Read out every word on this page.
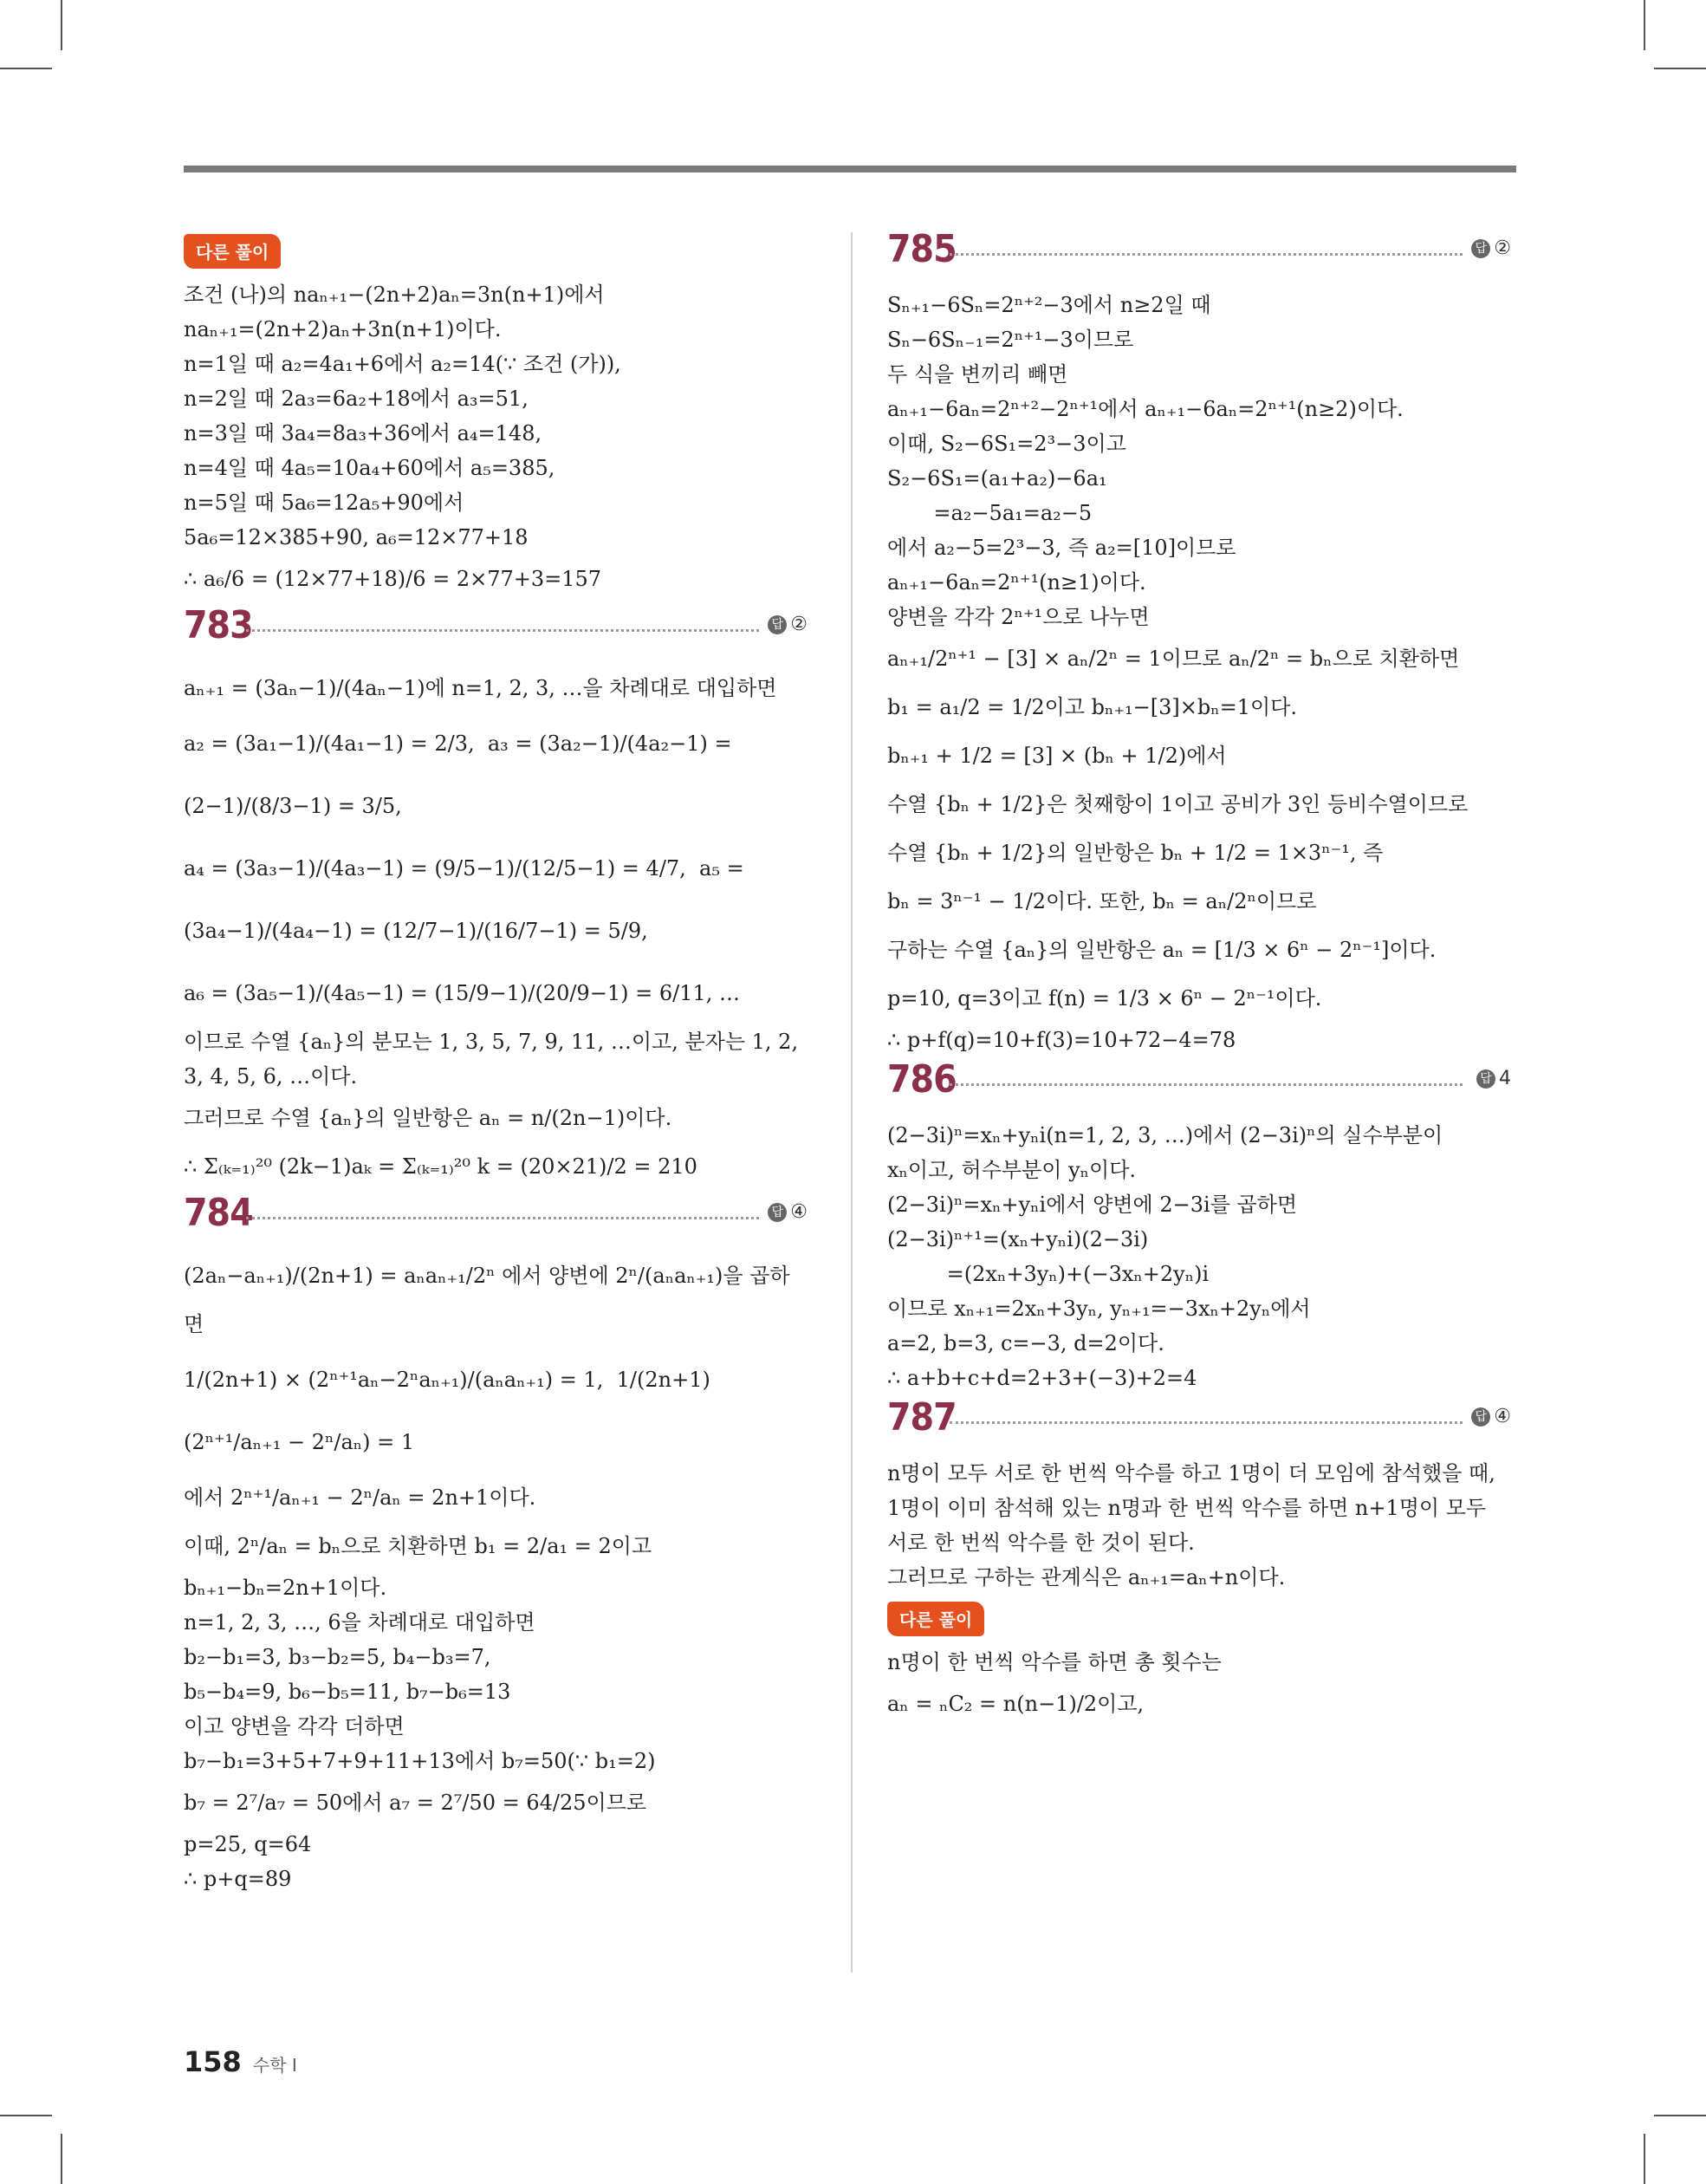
다른 풀이
조건 (나)의 naₙ₊₁−(2n+2)aₙ=3n(n+1)에서
naₙ₊₁=(2n+2)aₙ+3n(n+1)이다.
n=1일 때 a₂=4a₁+6에서 a₂=14(∵ 조건 (가)),
n=2일 때 2a₃=6a₂+18에서 a₃=51,
n=3일 때 3a₄=8a₃+36에서 a₄=148,
n=4일 때 4a₅=10a₄+60에서 a₅=385,
n=5일 때 5a₆=12a₅+90에서
5a₆=12×385+90, a₆=12×77+18
∴ a₆/6 = (12×77+18)/6 = 2×77+3=157
783	답 ②
aₙ₊₁ = (3aₙ−1)/(4aₙ−1)에 n=1, 2, 3, …을 차례대로 대입하면
a₂ = (3a₁−1)/(4a₁−1) = 2/3,  a₃ = (3a₂−1)/(4a₂−1) = (2−1)/(8/3−1) = 3/5,
a₄ = (3a₃−1)/(4a₃−1) = (9/5−1)/(12/5−1) = 4/7,  a₅ = (3a₄−1)/(4a₄−1) = (12/7−1)/(16/7−1) = 5/9,
a₆ = (3a₅−1)/(4a₅−1) = (15/9−1)/(20/9−1) = 6/11, …
이므로 수열 {aₙ}의 분모는 1, 3, 5, 7, 9, 11, …이고, 분자는 1, 2,
3, 4, 5, 6, …이다.
그러므로 수열 {aₙ}의 일반항은 aₙ = n/(2n−1)이다.
∴ Σ₍ₖ₌₁₎²⁰ (2k−1)aₖ = Σ₍ₖ₌₁₎²⁰ k = (20×21)/2 = 210
784	답 ④
(2aₙ−aₙ₊₁)/(2n+1) = aₙaₙ₊₁/2ⁿ 에서 양변에 2ⁿ/(aₙaₙ₊₁)을 곱하면
1/(2n+1) × (2ⁿ⁺¹aₙ−2ⁿaₙ₊₁)/(aₙaₙ₊₁) = 1,  1/(2n+1) (2ⁿ⁺¹/aₙ₊₁ − 2ⁿ/aₙ) = 1
에서 2ⁿ⁺¹/aₙ₊₁ − 2ⁿ/aₙ = 2n+1이다.
이때, 2ⁿ/aₙ = bₙ으로 치환하면 b₁ = 2/a₁ = 2이고
bₙ₊₁−bₙ=2n+1이다.
n=1, 2, 3, …, 6을 차례대로 대입하면
b₂−b₁=3, b₃−b₂=5, b₄−b₃=7,
b₅−b₄=9, b₆−b₅=11, b₇−b₆=13
이고 양변을 각각 더하면
b₇−b₁=3+5+7+9+11+13에서 b₇=50(∵ b₁=2)
b₇ = 2⁷/a₇ = 50에서 a₇ = 2⁷/50 = 64/25이므로
p=25, q=64
∴ p+q=89
785	답 ②
Sₙ₊₁−6Sₙ=2ⁿ⁺²−3에서 n≥2일 때
Sₙ−6Sₙ₋₁=2ⁿ⁺¹−3이므로
두 식을 변끼리 빼면
aₙ₊₁−6aₙ=2ⁿ⁺²−2ⁿ⁺¹에서 aₙ₊₁−6aₙ=2ⁿ⁺¹(n≥2)이다.
이때, S₂−6S₁=2³−3이고
S₂−6S₁=(a₁+a₂)−6a₁
=a₂−5a₁=a₂−5
에서 a₂−5=2³−3, 즉 a₂=[10]이므로
aₙ₊₁−6aₙ=2ⁿ⁺¹(n≥1)이다.
양변을 각각 2ⁿ⁺¹으로 나누면
aₙ₊₁/2ⁿ⁺¹ − [3] × aₙ/2ⁿ = 1이므로 aₙ/2ⁿ = bₙ으로 치환하면
b₁ = a₁/2 = 1/2이고 bₙ₊₁−[3]×bₙ=1이다.
bₙ₊₁ + 1/2 = [3] × (bₙ + 1/2)에서
수열 {bₙ + 1/2}은 첫째항이 1이고 공비가 3인 등비수열이므로
수열 {bₙ + 1/2}의 일반항은 bₙ + 1/2 = 1×3ⁿ⁻¹, 즉
bₙ = 3ⁿ⁻¹ − 1/2이다. 또한, bₙ = aₙ/2ⁿ이므로
구하는 수열 {aₙ}의 일반항은 aₙ = [1/3 × 6ⁿ − 2ⁿ⁻¹]이다.
p=10, q=3이고 f(n) = 1/3 × 6ⁿ − 2ⁿ⁻¹이다.
∴ p+f(q)=10+f(3)=10+72−4=78
786	답 4
(2−3i)ⁿ=xₙ+yₙi(n=1, 2, 3, …)에서 (2−3i)ⁿ의 실수부분이
xₙ이고, 허수부분이 yₙ이다.
(2−3i)ⁿ=xₙ+yₙi에서 양변에 2−3i를 곱하면
(2−3i)ⁿ⁺¹=(xₙ+yₙi)(2−3i)
=(2xₙ+3yₙ)+(−3xₙ+2yₙ)i
이므로 xₙ₊₁=2xₙ+3yₙ, yₙ₊₁=−3xₙ+2yₙ에서
a=2, b=3, c=−3, d=2이다.
∴ a+b+c+d=2+3+(−3)+2=4
787	답 ④
n명이 모두 서로 한 번씩 악수를 하고 1명이 더 모임에 참석했을 때,
1명이 이미 참석해 있는 n명과 한 번씩 악수를 하면 n+1명이 모두
서로 한 번씩 악수를 한 것이 된다.
그러므로 구하는 관계식은 aₙ₊₁=aₙ+n이다.
다른 풀이
n명이 한 번씩 악수를 하면 총 횟수는
aₙ = ₙC₂ = n(n−1)/2이고,
158 수학 I
